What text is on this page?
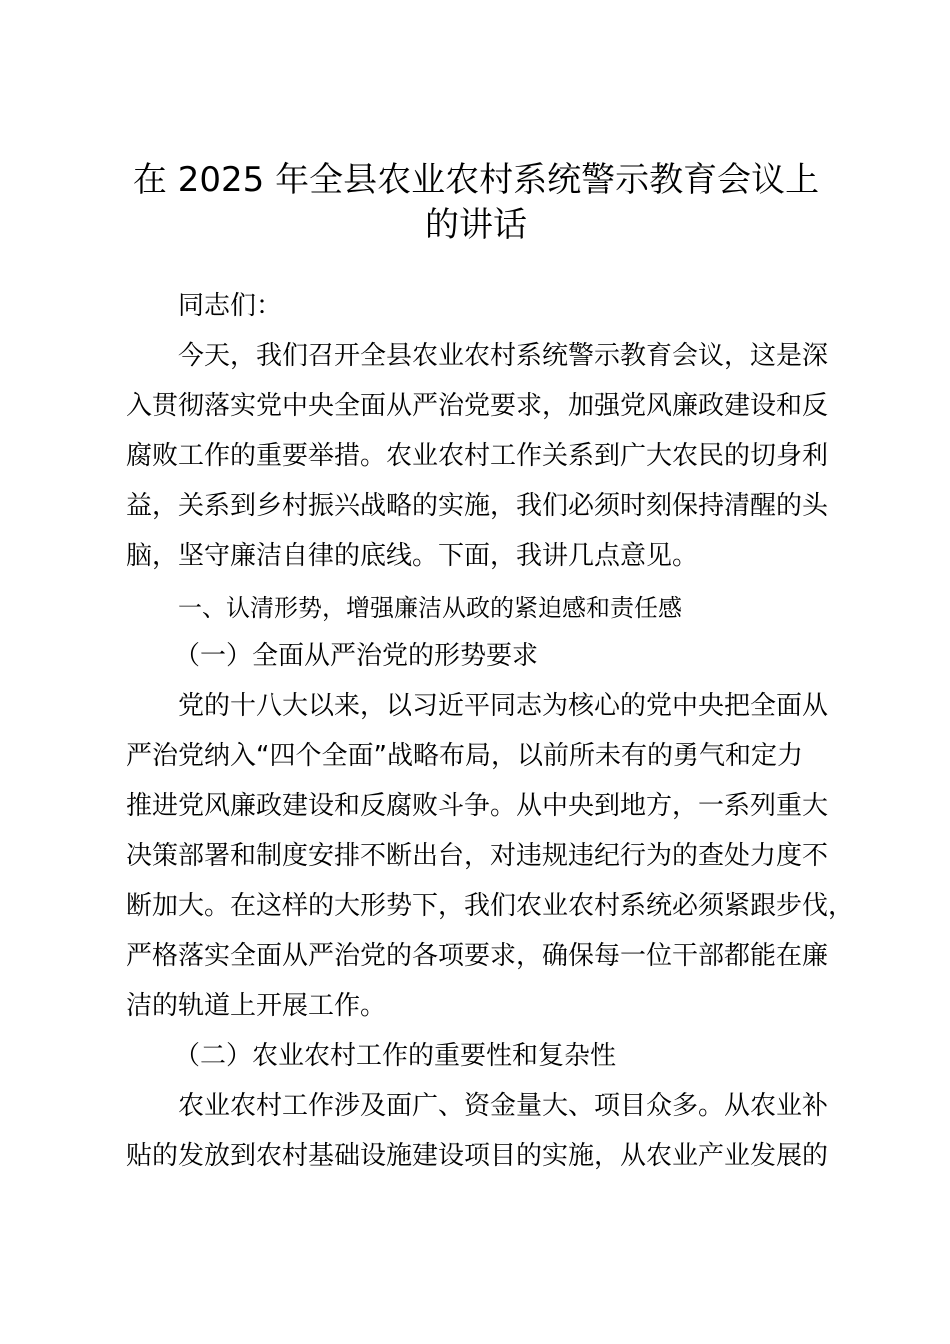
在 2025 年全县农业农村系统警示教育会议上
的讲话

同志们：

今天，我们召开全县农业农村系统警示教育会议，这是深

入贯彻落实党中央全面从严治党要求，加强党风廉政建设和反

腐败工作的重要举措。农业农村工作关系到广大农民的切身利

益，关系到乡村振兴战略的实施，我们必须时刻保持清醒的头

脑，坚守廉洁自律的底线。下面，我讲几点意见。

一、认清形势，增强廉洁从政的紧迫感和责任感

（一）全面从严治党的形势要求

党的十八大以来，以习近平同志为核心的党中央把全面从

严治党纳入“四个全面”战略布局，以前所未有的勇气和定力

推进党风廉政建设和反腐败斗争。从中央到地方，一系列重大

决策部署和制度安排不断出台，对违规违纪行为的查处力度不

断加大。在这样的大形势下，我们农业农村系统必须紧跟步伐，

严格落实全面从严治党的各项要求，确保每一位干部都能在廉

洁的轨道上开展工作。

（二）农业农村工作的重要性和复杂性

农业农村工作涉及面广、资金量大、项目众多。从农业补

贴的发放到农村基础设施建设项目的实施，从农业产业发展的
